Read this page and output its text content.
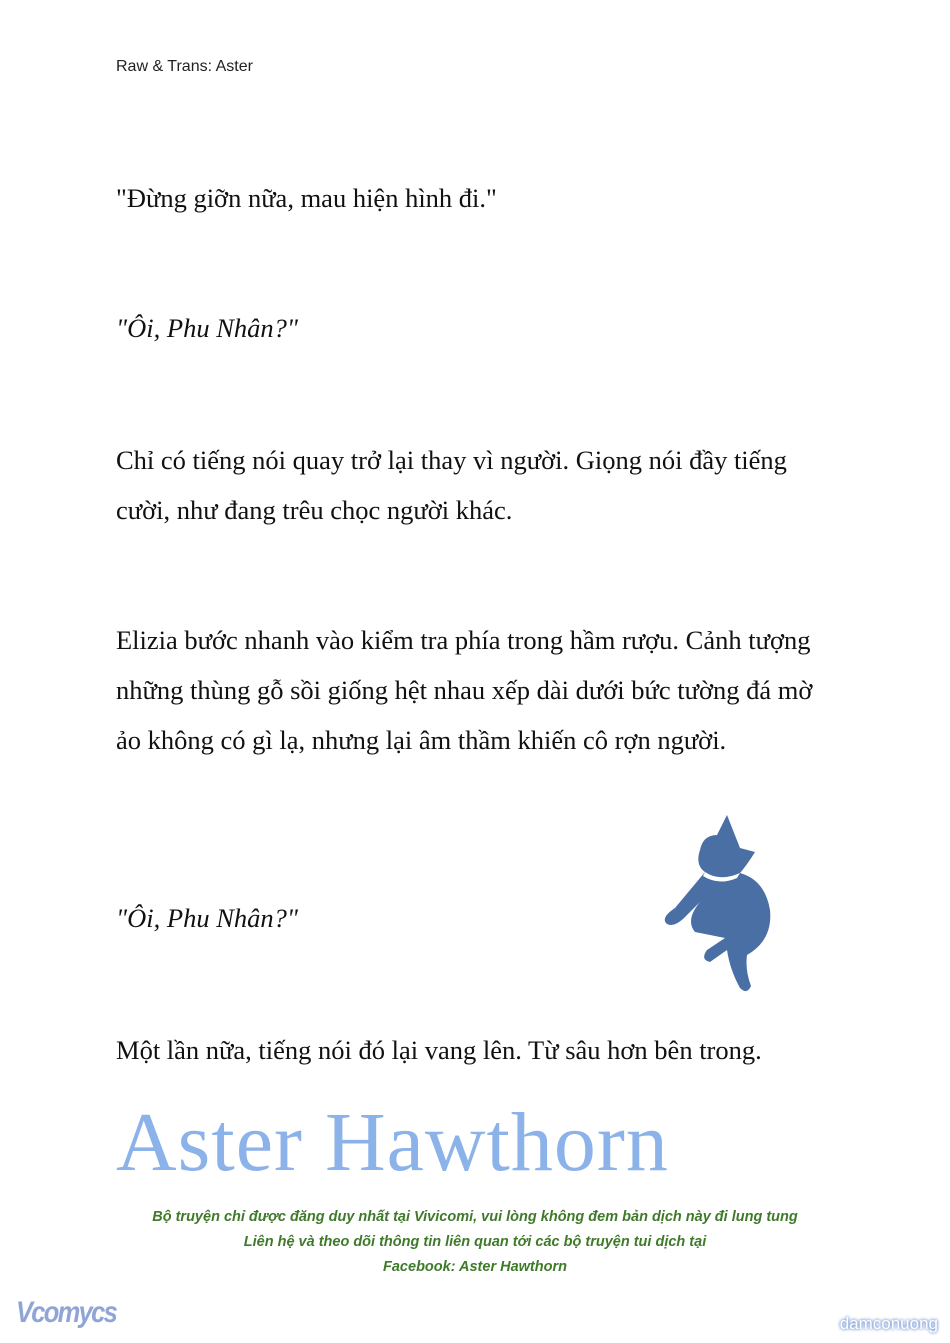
Raw & Trans: Aster
"Đừng giỡn nữa, mau hiện hình đi."
"Ôi, Phu Nhân?"
Chỉ có tiếng nói quay trở lại thay vì người. Giọng nói đầy tiếng cười, như đang trêu chọc người khác.
Elizia bước nhanh vào kiểm tra phía trong hầm rượu. Cảnh tượng những thùng gỗ sồi giống hệt nhau xếp dài dưới bức tường đá mờ ảo không có gì lạ, nhưng lại âm thầm khiến cô rợn người.
"Ôi, Phu Nhân?"
Một lần nữa, tiếng nói đó lại vang lên. Từ sâu hơn bên trong.
Aster Hawthorn
Bộ truyện chỉ được đăng duy nhất tại Vivicomi, vui lòng không đem bản dịch này đi lung tung
Liên hệ và theo dõi thông tin liên quan tới các bộ truyện tui dịch tại
Facebook: Aster Hawthorn
Vcomycs	damconuong
